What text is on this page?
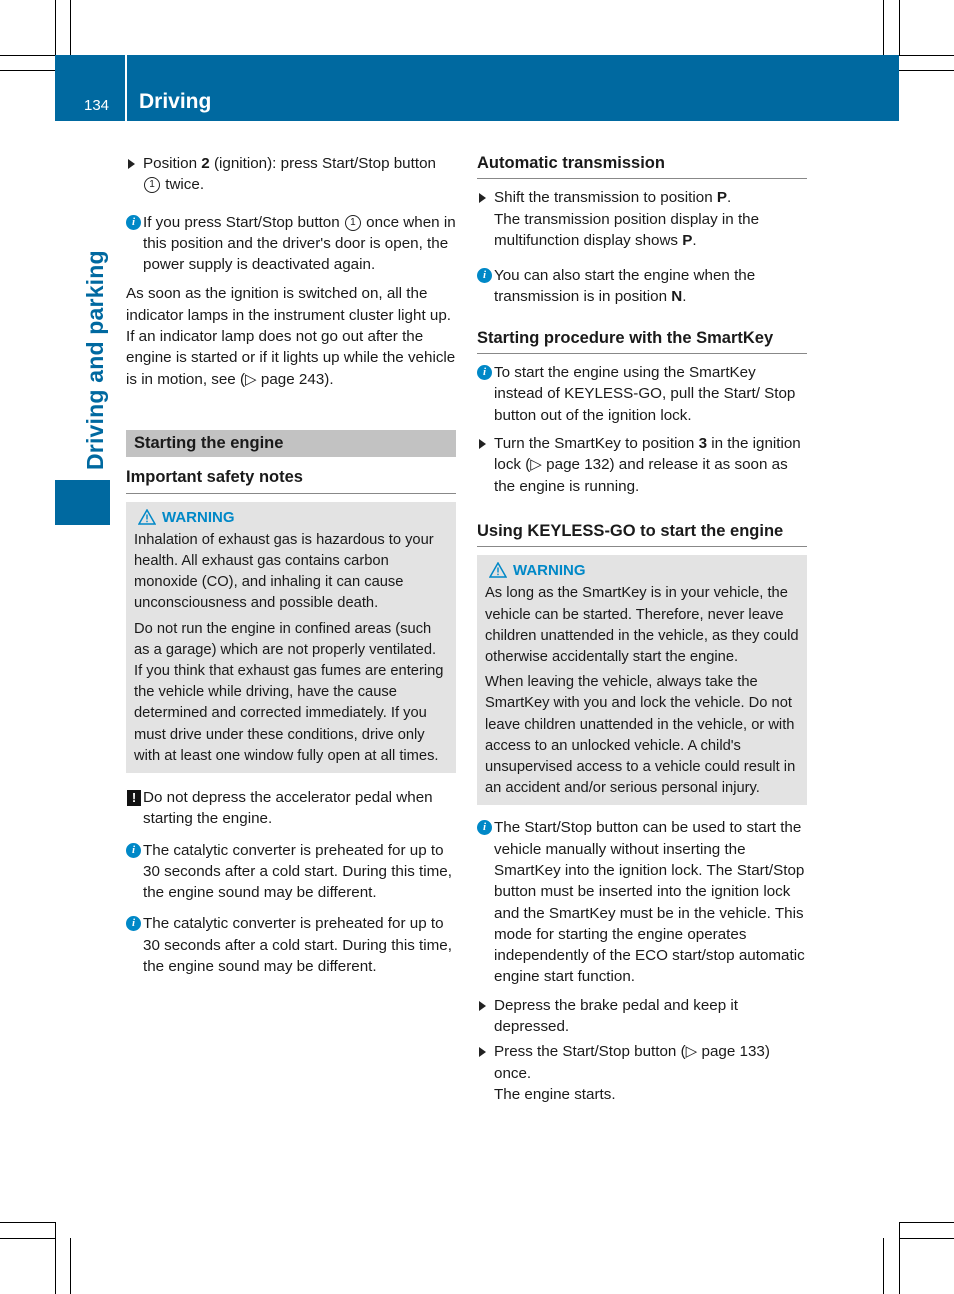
134 Driving
Driving and parking

Position 2 (ignition): press Start/Stop button 1 twice.

i If you press Start/Stop button 1 once when in this position and the driver's door is open, the power supply is deactivated again.

As soon as the ignition is switched on, all the indicator lamps in the instrument cluster light up. If an indicator lamp does not go out after the engine is started or if it lights up while the vehicle is in motion, see (▷ page 243).

Starting the engine
Important safety notes
WARNING

Inhalation of exhaust gas is hazardous to your health. All exhaust gas contains carbon monoxide (CO), and inhaling it can cause unconsciousness and possible death.

Do not run the engine in confined areas (such as a garage) which are not properly ventilated. If you think that exhaust gas fumes are entering the vehicle while driving, have the cause determined and corrected immediately. If you must drive under these conditions, drive only with at least one window fully open at all times.

! Do not depress the accelerator pedal when starting the engine.

i The catalytic converter is preheated for up to 30 seconds after a cold start. During this time, the engine sound may be different.

i The catalytic converter is preheated for up to 30 seconds after a cold start. During this time, the engine sound may be different.

Automatic transmission

Shift the transmission to position P.
The transmission position display in the multifunction display shows P.

i You can also start the engine when the transmission is in position N.

Starting procedure with the SmartKey

i To start the engine using the SmartKey instead of KEYLESS-GO, pull the Start/ Stop button out of the ignition lock.

Turn the SmartKey to position 3 in the ignition lock (▷ page 132) and release it as soon as the engine is running.

Using KEYLESS-GO to start the engine
WARNING

As long as the SmartKey is in your vehicle, the vehicle can be started. Therefore, never leave children unattended in the vehicle, as they could otherwise accidentally start the engine.

When leaving the vehicle, always take the SmartKey with you and lock the vehicle. Do not leave children unattended in the vehicle, or with access to an unlocked vehicle. A child's unsupervised access to a vehicle could result in an accident and/or serious personal injury.

i The Start/Stop button can be used to start the vehicle manually without inserting the SmartKey into the ignition lock. The Start/Stop button must be inserted into the ignition lock and the SmartKey must be in the vehicle. This mode for starting the engine operates independently of the ECO start/stop automatic engine start function.

Depress the brake pedal and keep it depressed.

Press the Start/Stop button (▷ page 133) once.
The engine starts.
